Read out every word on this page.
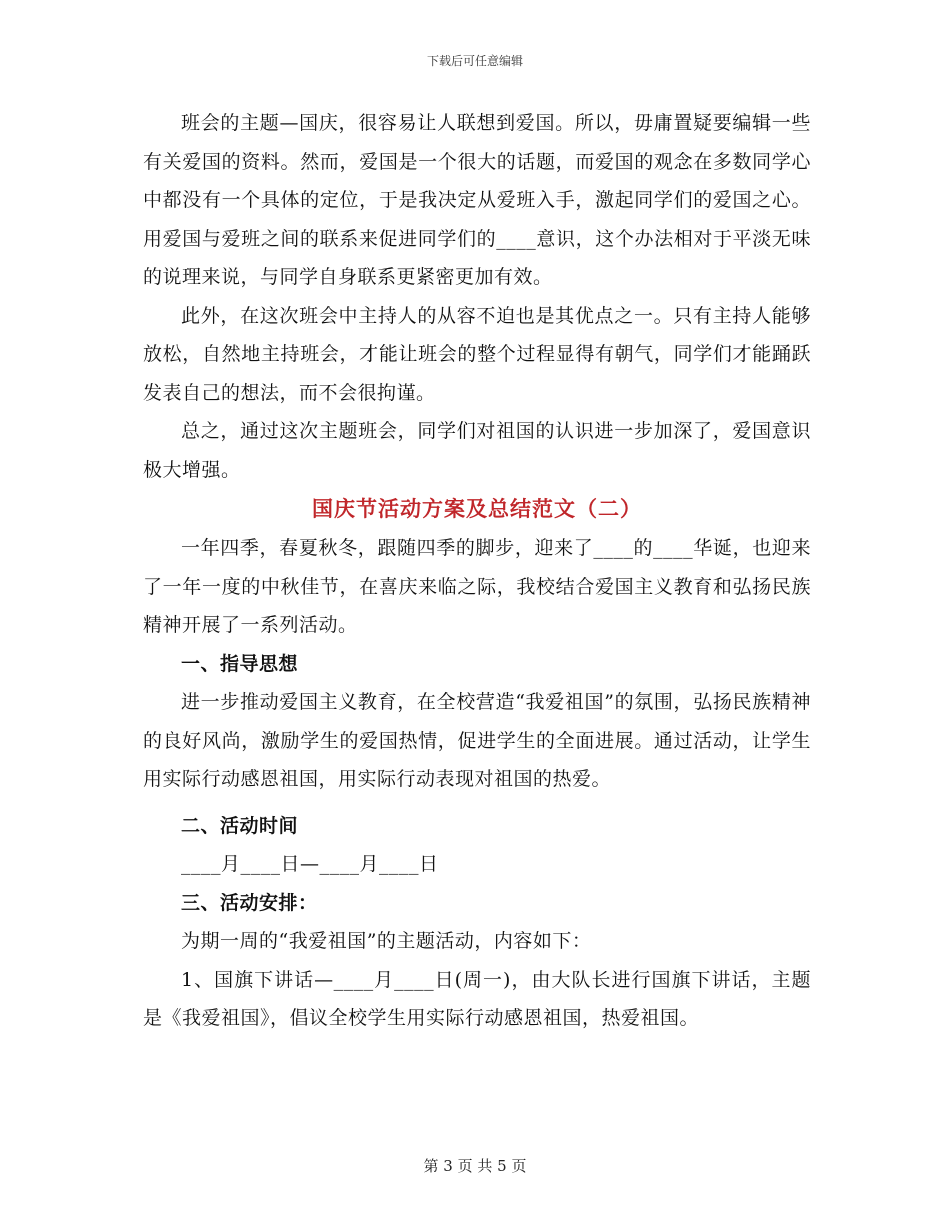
下载后可任意编辑

班会的主题—国庆，很容易让人联想到爱国。所以，毋庸置疑要编辑一些有关爱国的资料。然而，爱国是一个很大的话题，而爱国的观念在多数同学心中都没有一个具体的定位，于是我决定从爱班入手，激起同学们的爱国之心。用爱国与爱班之间的联系来促进同学们的____意识，这个办法相对于平淡无味的说理来说，与同学自身联系更紧密更加有效。

此外，在这次班会中主持人的从容不迫也是其优点之一。只有主持人能够放松，自然地主持班会，才能让班会的整个过程显得有朝气，同学们才能踊跃发表自己的想法，而不会很拘谨。

总之，通过这次主题班会，同学们对祖国的认识进一步加深了，爱国意识极大增强。

国庆节活动方案及总结范文（二）

一年四季，春夏秋冬，跟随四季的脚步，迎来了____的____华诞，也迎来了一年一度的中秋佳节，在喜庆来临之际，我校结合爱国主义教育和弘扬民族精神开展了一系列活动。

一、指导思想

进一步推动爱国主义教育，在全校营造“我爱祖国”的氛围，弘扬民族精神的良好风尚，激励学生的爱国热情，促进学生的全面进展。通过活动，让学生用实际行动感恩祖国，用实际行动表现对祖国的热爱。

二、活动时间

____月____日—____月____日

三、活动安排：

为期一周的“我爱祖国”的主题活动，内容如下：

1、国旗下讲话—____月____日(周一)，由大队长进行国旗下讲话，主题是《我爱祖国》，倡议全校学生用实际行动感恩祖国，热爱祖国。

第 3 页 共 5 页
